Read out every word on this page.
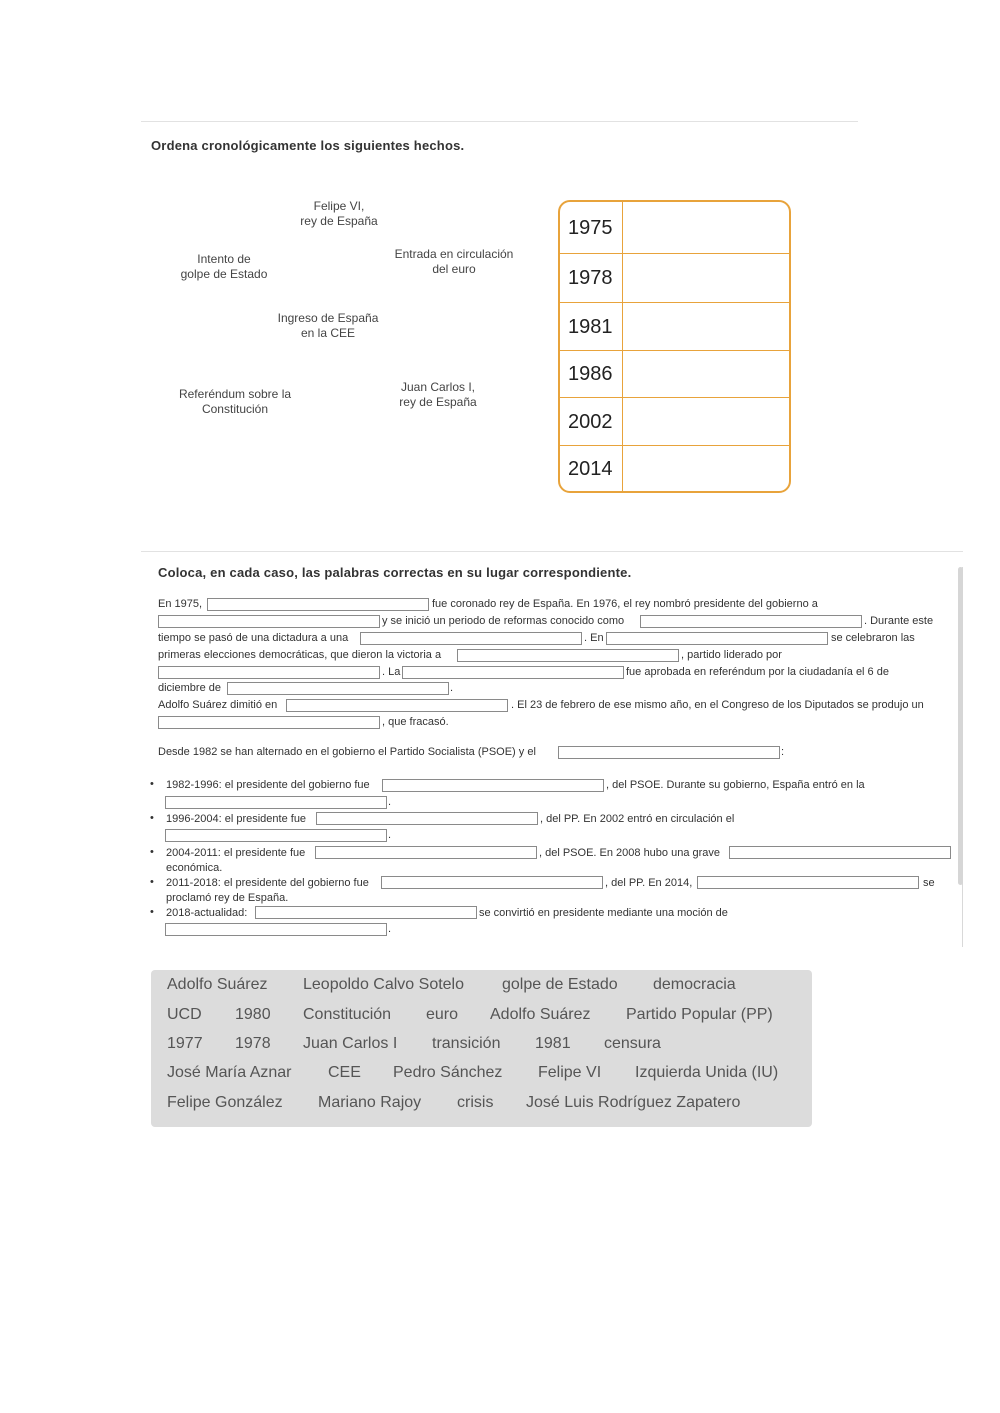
Ordena cronológicamente los siguientes hechos.
Felipe VI,
rey de España
Intento de
golpe de Estado
Entrada en circulación
del euro
Ingreso de España
en la CEE
Referéndum sobre la
Constitución
Juan Carlos I,
rey de España
1975
1978
1981
1986
2002
2014
Coloca, en cada caso, las palabras correctas en su lugar correspondiente.
En 1975,	fue coronado rey de España. En 1976, el rey nombró presidente del gobierno a
y se inició un periodo de reformas conocido como	. Durante este
tiempo se pasó de una dictadura a una	. En	se celebraron las
primeras elecciones democráticas, que dieron la victoria a	, partido liderado por
. La	fue aprobada en referéndum por la ciudadanía el 6 de
diciembre de	.
Adolfo Suárez dimitió en	. El 23 de febrero de ese mismo año, en el Congreso de los Diputados se produjo un
, que fracasó.
Desde 1982 se han alternado en el gobierno el Partido Socialista (PSOE) y el	:
• 1982-1996: el presidente del gobierno fue	, del PSOE. Durante su gobierno, España entró en la
.
• 1996-2004: el presidente fue	, del PP. En 2002 entró en circulación el
.
• 2004-2011: el presidente fue	, del PSOE. En 2008 hubo una grave
económica.
• 2011-2018: el presidente del gobierno fue	, del PP. En 2014,	se
proclamó rey de España.
• 2018-actualidad:	se convirtió en presidente mediante una moción de
.
Adolfo Suárez Leopoldo Calvo Sotelo golpe de Estado democracia
UCD 1980 Constitución euro Adolfo Suárez Partido Popular (PP)
1977 1978 Juan Carlos I transición 1981 censura
José María Aznar CEE Pedro Sánchez Felipe VI Izquierda Unida (IU)
Felipe González Mariano Rajoy crisis José Luis Rodríguez Zapatero
